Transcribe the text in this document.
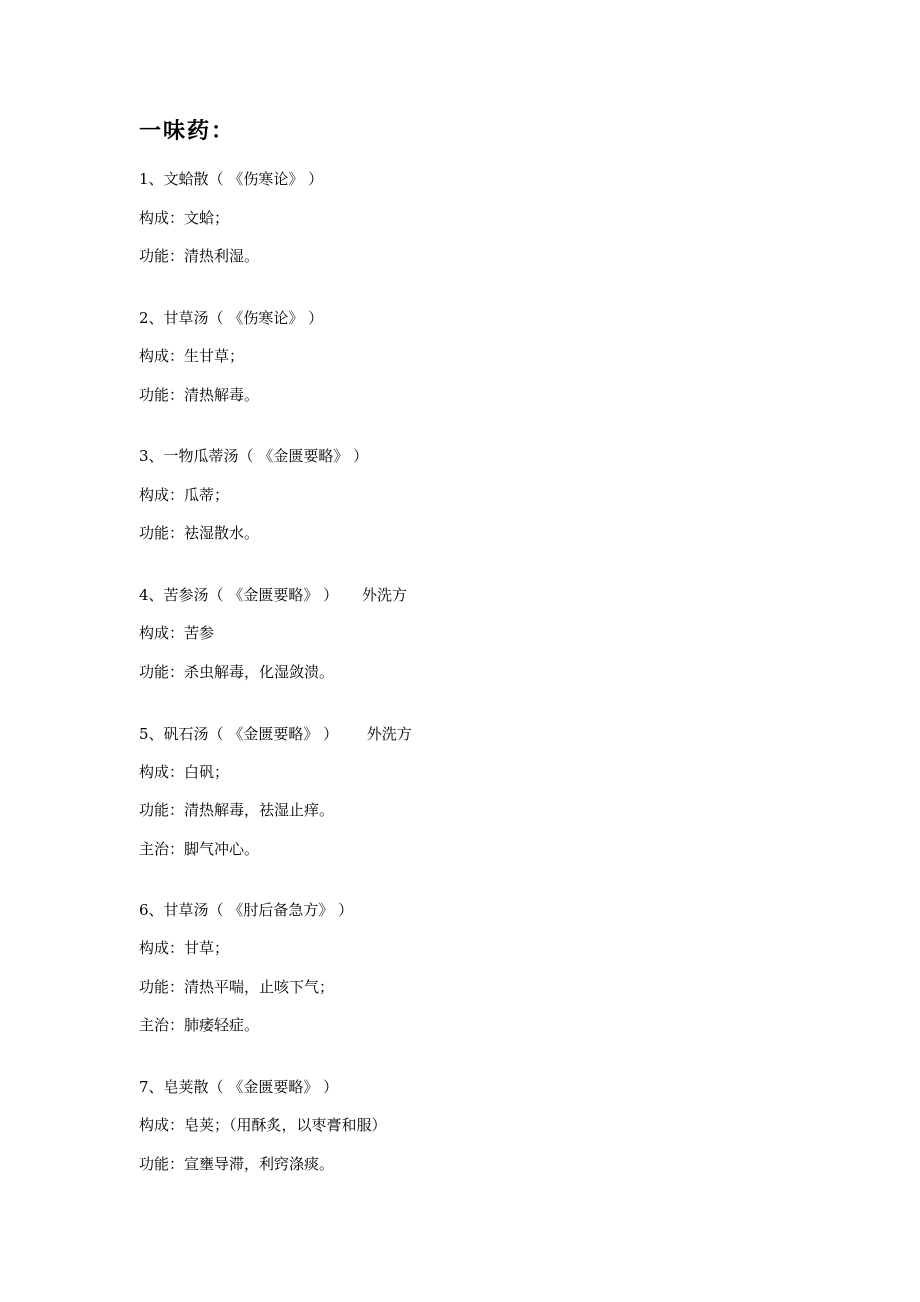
一味药：
1、文蛤散（ 《伤寒论》 ）
构成：文蛤；
功能：清热利湿。
2、甘草汤（ 《伤寒论》 ）
构成：生甘草；
功能：清热解毒。
3、一物瓜蒂汤（ 《金匮要略》 ）
构成：瓜蒂；
功能：祛湿散水。
4、苦参汤（ 《金匮要略》 ） 外洗方
构成：苦参
功能：杀虫解毒，化湿敛溃。
5、矾石汤（ 《金匮要略》 ） 外洗方
构成：白矾；
功能：清热解毒，祛湿止痒。
主治：脚气冲心。
6、甘草汤（ 《肘后备急方》 ）
构成：甘草；
功能：清热平喘，止咳下气；
主治：肺痿轻症。
7、皂荚散（ 《金匮要略》 ）
构成：皂荚；（用酥炙，以枣膏和服）
功能：宣壅导滞，利窍涤痰。
